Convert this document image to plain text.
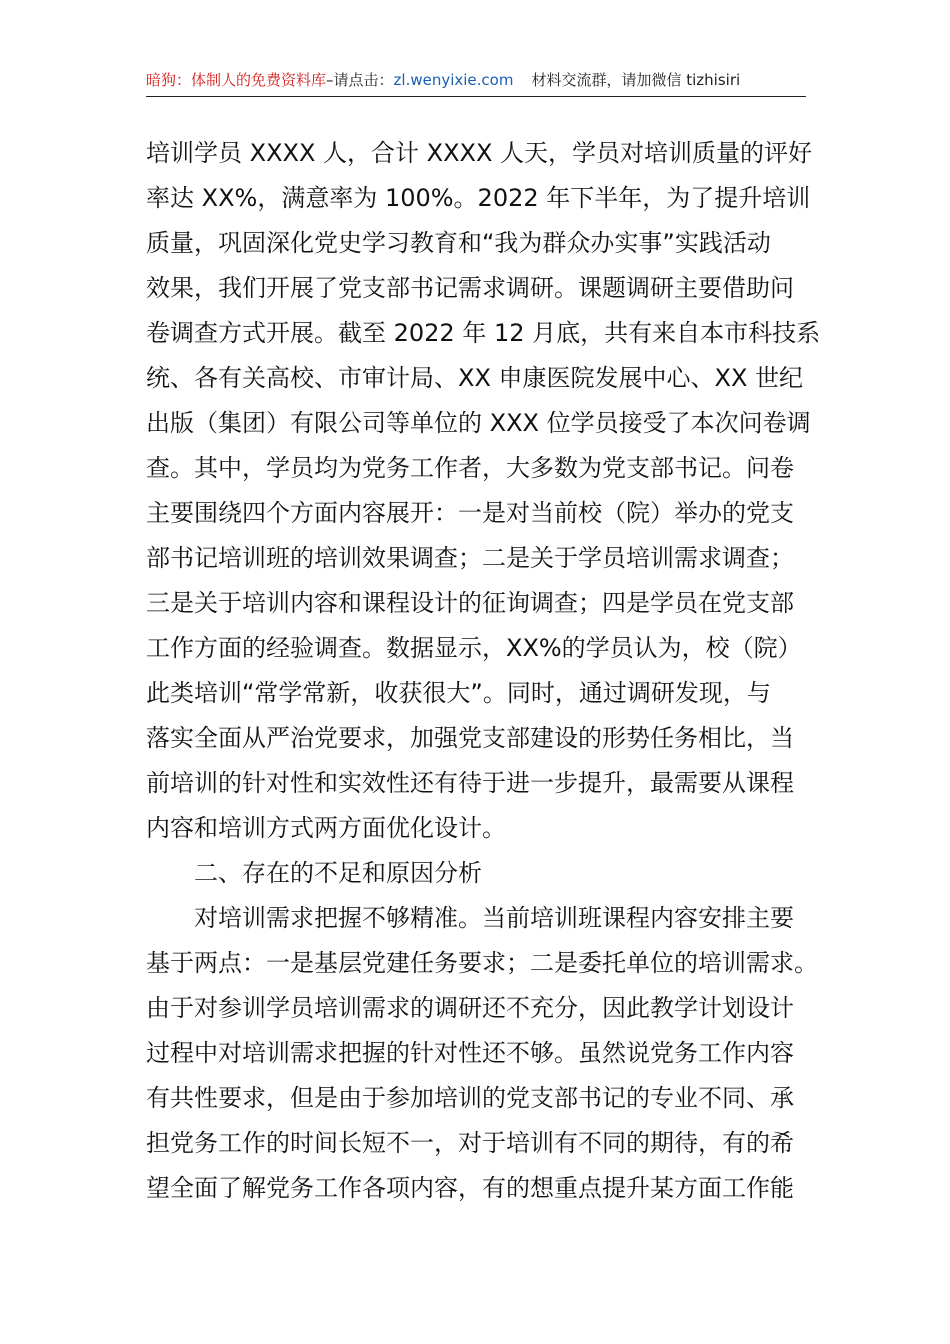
暗狗：体制人的免费资料库–请点击：zl.wenyixie.com 材料交流群，请加微信 tizhisiri
培训学员 XXXX 人，合计 XXXX 人天，学员对培训质量的评好
率达 XX%，满意率为 100%。2022 年下半年，为了提升培训
质量，巩固深化党史学习教育和“我为群众办实事”实践活动
效果，我们开展了党支部书记需求调研。课题调研主要借助问
卷调查方式开展。截至 2022 年 12 月底，共有来自本市科技系
统、各有关高校、市审计局、XX 申康医院发展中心、XX 世纪
出版（集团）有限公司等单位的 XXX 位学员接受了本次问卷调
查。其中，学员均为党务工作者，大多数为党支部书记。问卷
主要围绕四个方面内容展开：一是对当前校（院）举办的党支
部书记培训班的培训效果调查；二是关于学员培训需求调查；
三是关于培训内容和课程设计的征询调查；四是学员在党支部
工作方面的经验调查。数据显示，XX%的学员认为，校（院）
此类培训“常学常新，收获很大”。同时，通过调研发现，与
落实全面从严治党要求，加强党支部建设的形势任务相比，当
前培训的针对性和实效性还有待于进一步提升，最需要从课程
内容和培训方式两方面优化设计。
二、存在的不足和原因分析
对培训需求把握不够精准。当前培训班课程内容安排主要
基于两点：一是基层党建任务要求；二是委托单位的培训需求。
由于对参训学员培训需求的调研还不充分，因此教学计划设计
过程中对培训需求把握的针对性还不够。虽然说党务工作内容
有共性要求，但是由于参加培训的党支部书记的专业不同、承
担党务工作的时间长短不一，对于培训有不同的期待，有的希
望全面了解党务工作各项内容，有的想重点提升某方面工作能
